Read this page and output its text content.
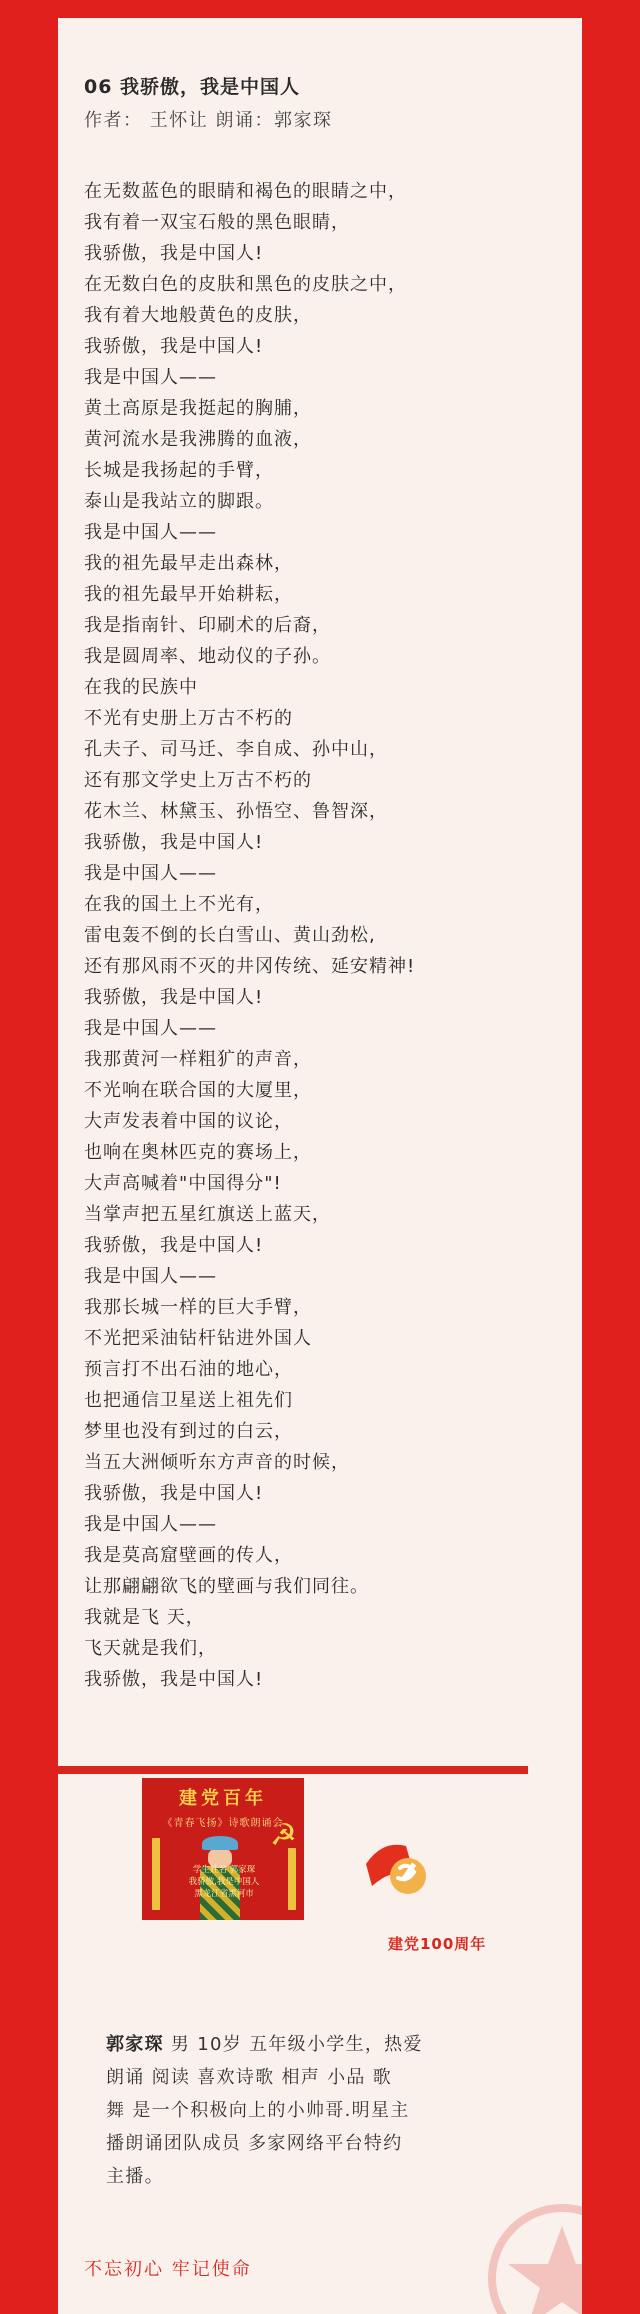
06 我骄傲，我是中国人
作者： 王怀让 朗诵：郭家琛
在无数蓝色的眼睛和褐色的眼睛之中，
我有着一双宝石般的黑色眼睛，
我骄傲，我是中国人!
在无数白色的皮肤和黑色的皮肤之中，
我有着大地般黄色的皮肤，
我骄傲，我是中国人!
我是中国人——
黄土高原是我挺起的胸脯，
黄河流水是我沸腾的血液，
长城是我扬起的手臂，
泰山是我站立的脚跟。
我是中国人——
我的祖先最早走出森林，
我的祖先最早开始耕耘，
我是指南针、印刷术的后裔，
我是圆周率、地动仪的子孙。
在我的民族中
不光有史册上万古不朽的
孔夫子、司马迁、李自成、孙中山，
还有那文学史上万古不朽的
花木兰、林黛玉、孙悟空、鲁智深，
我骄傲，我是中国人!
我是中国人——
在我的国土上不光有，
雷电轰不倒的长白雪山、黄山劲松,
还有那风雨不灭的井冈传统、延安精神!
我骄傲，我是中国人!
我是中国人——
我那黄河一样粗犷的声音，
不光响在联合国的大厦里，
大声发表着中国的议论，
也响在奥林匹克的赛场上，
大声高喊着"中国得分"!
当掌声把五星红旗送上蓝天，
我骄傲，我是中国人!
我是中国人——
我那长城一样的巨大手臂，
不光把采油钻杆钻进外国人
预言打不出石油的地心，
也把通信卫星送上祖先们
梦里也没有到过的白云，
当五大洲倾听东方声音的时候，
我骄傲，我是中国人!
我是中国人——
我是莫高窟壁画的传人，
让那翩翩欲飞的壁画与我们同往。
我就是飞 天，
飞天就是我们，
我骄傲，我是中国人!
建党百年
《青春飞扬》诗歌朗诵会
☭
学生姓名 郭家琛
我骄傲,我是中国人
黑龙江省黑河市
建党100周年
郭家琛 男 10岁 五年级小学生，热爱
朗诵 阅读 喜欢诗歌 相声 小品 歌
舞 是一个积极向上的小帅哥.明星主
播朗诵团队成员 多家网络平台特约
主播。
不忘初心 牢记使命
